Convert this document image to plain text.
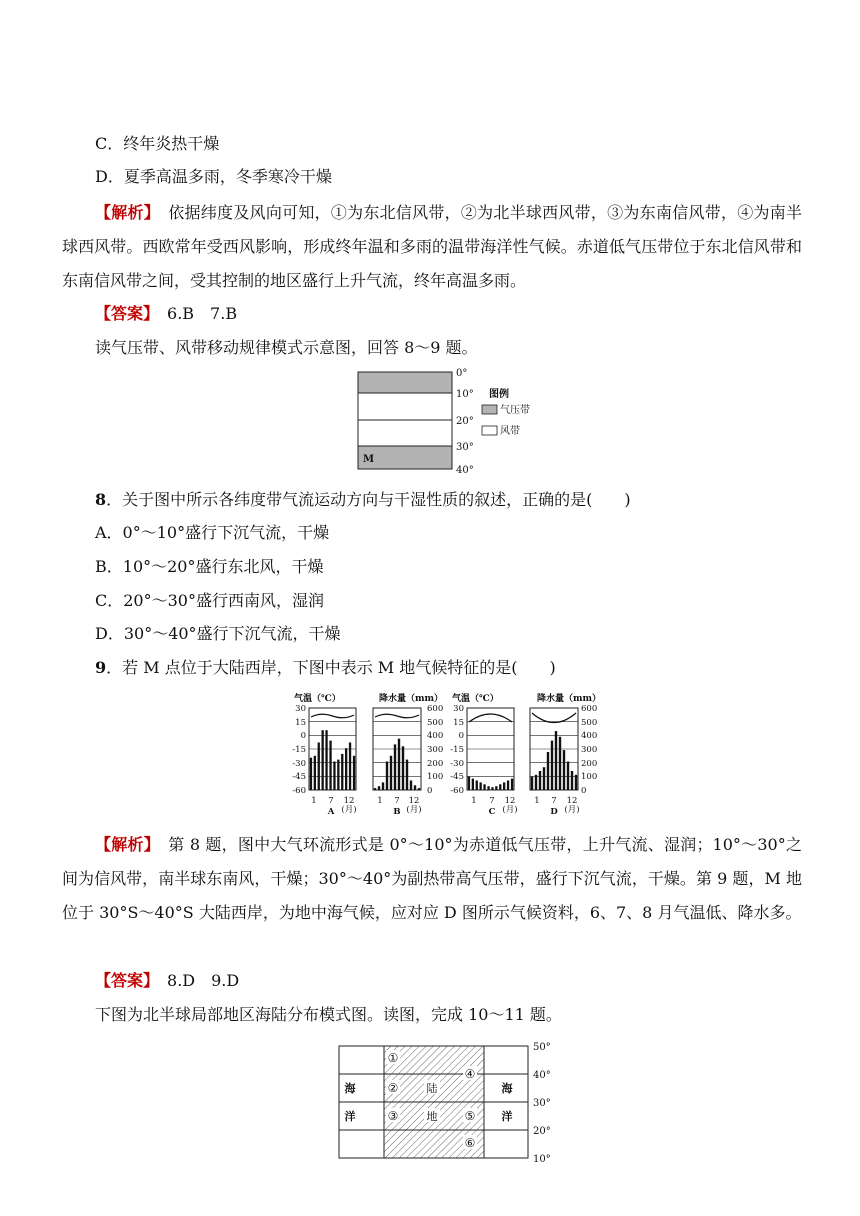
C．终年炎热干燥
D．夏季高温多雨，冬季寒冷干燥
【解析】　 依据纬度及风向可知，①为东北信风带，②为北半球西风带，③为东南信风带，④为南半球西风带。西欧常年受西风影响，形成终年温和多雨的温带海洋性气候。赤道低气压带位于东北信风带和东南信风带之间，受其控制的地区盛行上升气流，终年高温多雨。
【答案】　 6.B　7.B
读气压带、风带移动规律模式示意图，回答 8～9 题。
M
0°
10°
20°
30°
40°
图例
气压带
风带
8．关于图中所示各纬度带气流运动方向与干湿性质的叙述，正确的是(　　)
A．0°～10°盛行下沉气流，干燥
B．10°～20°盛行东北风，干燥
C．20°～30°盛行西南风，湿润
D．30°～40°盛行下沉气流，干燥
9．若 M 点位于大陆西岸，下图中表示 M 地气候特征的是(　　)
气温（℃）	降水量（mm） 气温（℃）	降水量（mm）
30
15
0
-15
-30
-45
-60
600
500
400
300
200
100
0
30
15
0
-15
-30
-45
-60
600
500
400
300
200
100
0
1 7 12
(月)
A
1 7 12
(月)
B
1 7 12
(月)
C
1 7 12
(月)
D
【解析】　 第 8 题，图中大气环流形式是 0°～10°为赤道低气压带，上升气流、湿润；10°～30°之间为信风带，南半球东南风，干燥；30°～40°为副热带高气压带，盛行下沉气流，干燥。第 9 题，M 地位于 30°S～40°S 大陆西岸，为地中海气候，应对应 D 图所示气候资料，6、7、8 月气温低、降水多。
【答案】　 8.D　9.D
下图为北半球局部地区海陆分布模式图。读图，完成 10～11 题。
50°
40°
30°
20°
10°
海
洋
海
洋
陆
地
①
②
③
④
⑤
⑥
